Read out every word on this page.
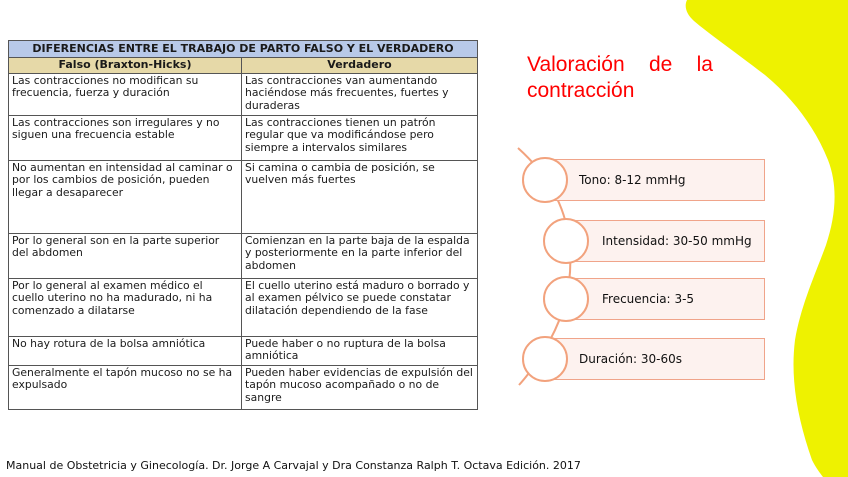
DIFERENCIAS ENTRE EL TRABAJO DE PARTO FALSO Y EL VERDADERO	
Falso (Braxton-Hicks)	Verdadero
Las contracciones no modifican su frecuencia, fuerza y duración	Las contracciones van aumentando haciéndose más frecuentes, fuertes y duraderas
Las contracciones son irregulares y no siguen una frecuencia estable	Las contracciones tienen un patrón regular que va modificándose pero siempre a intervalos similares
No aumentan en intensidad al caminar o por los cambios de posición, pueden llegar a desaparecer	Si camina o cambia de posición, se vuelven más fuertes
Por lo general son en la parte superior del abdomen	Comienzan en la parte baja de la espalda y posteriormente en la parte inferior del abdomen
Por lo general al examen médico el cuello uterino no ha madurado, ni ha comenzado a dilatarse	El cuello uterino está maduro o borrado y al examen pélvico se puede constatar dilatación dependiendo de la fase
No hay rotura de la bolsa amniótica	Puede haber o no ruptura de la bolsa amniótica
Generalmente el tapón mucoso no se ha expulsado	Pueden haber evidencias de expulsión del tapón mucoso acompañado o no de sangre
Valoración de la
contracción
Tono:
8-12 mmHg
Intensidad:
30-50 mmHg
Frecuencia:
3-5
Duración:
30-60s
Manual de Obstetricia y Ginecología. Dr. Jorge A Carvajal y Dra Constanza Ralph T. Octava Edición. 2017
